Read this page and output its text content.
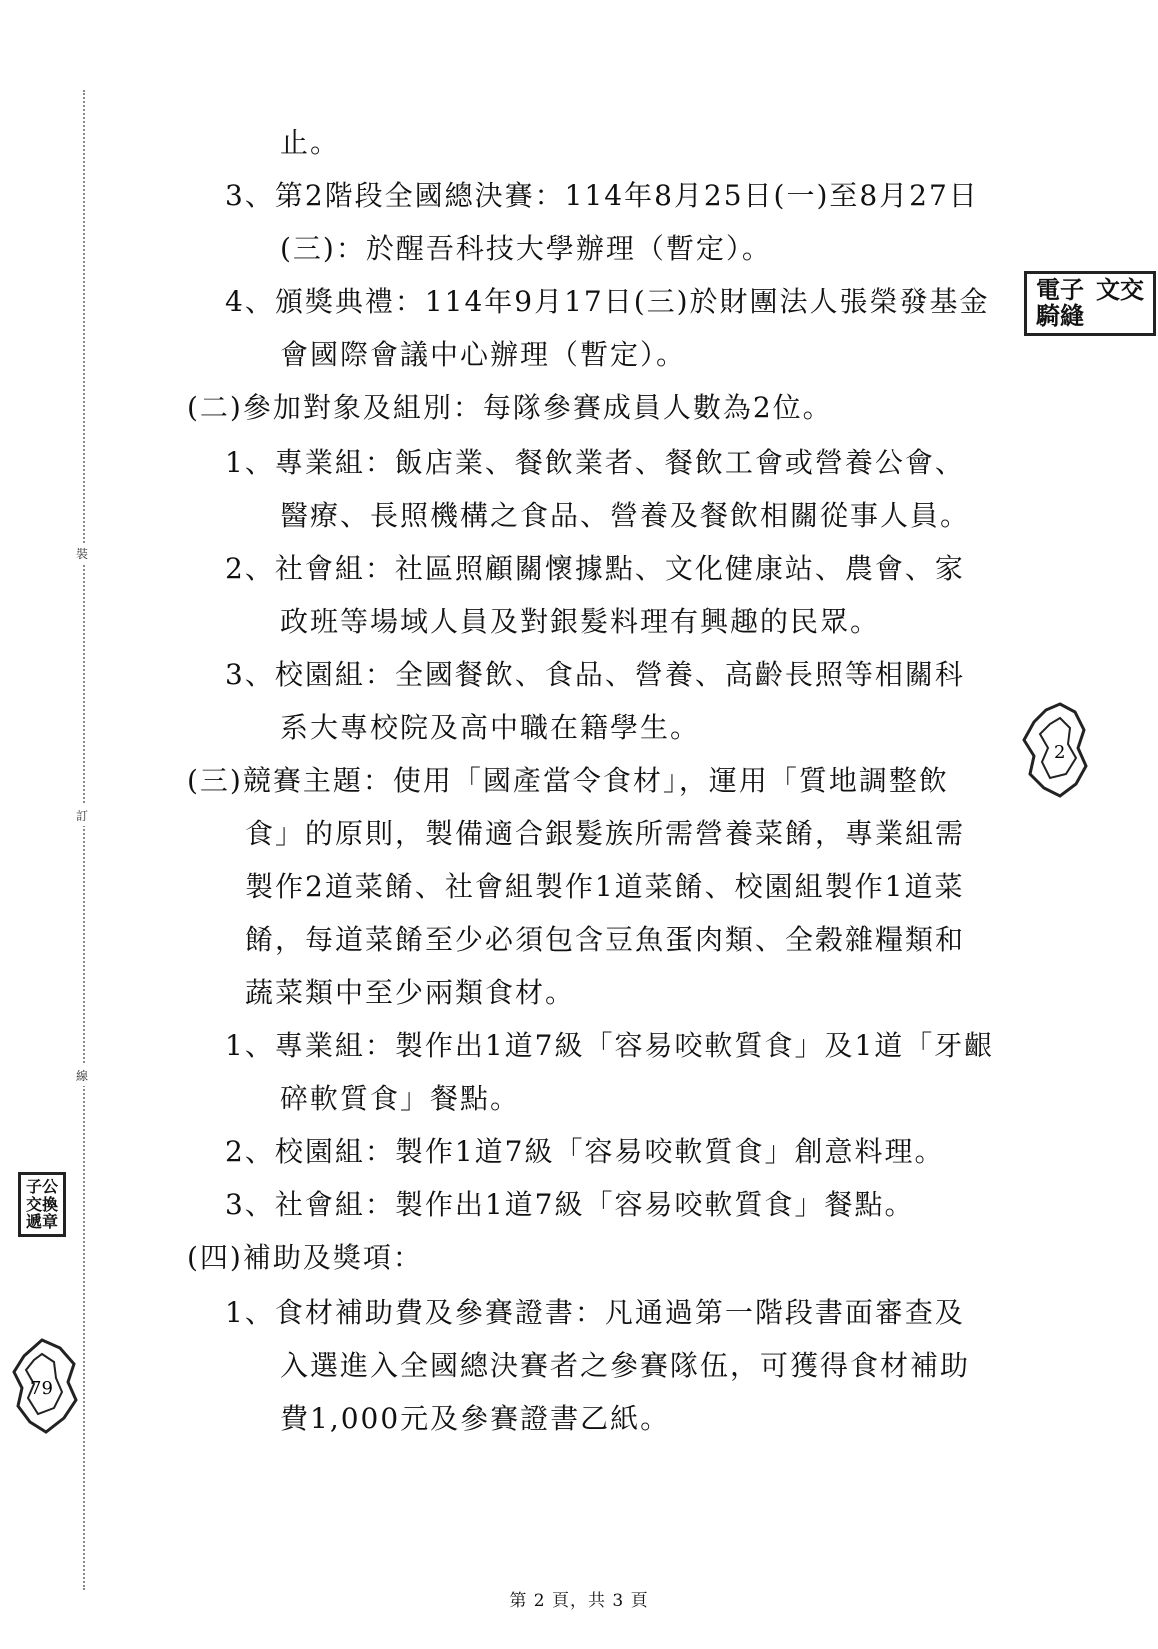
裝
訂
線
止。
3、第2階段全國總決賽：114年8月25日(一)至8月27日
(三)：於醒吾科技大學辦理（暫定）。
4、頒獎典禮：114年9月17日(三)於財團法人張榮發基金
會國際會議中心辦理（暫定）。
(二)參加對象及組別：每隊參賽成員人數為2位。
1、專業組：飯店業、餐飲業者、餐飲工會或營養公會、
醫療、長照機構之食品、營養及餐飲相關從事人員。
2、社會組：社區照顧關懷據點、文化健康站、農會、家
政班等場域人員及對銀髮料理有興趣的民眾。
3、校園組：全國餐飲、食品、營養、高齡長照等相關科
系大專校院及高中職在籍學生。
(三)競賽主題：使用「國產當令食材」，運用「質地調整飲
食」的原則，製備適合銀髮族所需營養菜餚，專業組需
製作2道菜餚、社會組製作1道菜餚、校園組製作1道菜
餚，每道菜餚至少必須包含豆魚蛋肉類、全穀雜糧類和
蔬菜類中至少兩類食材。
1、專業組：製作出1道7級「容易咬軟質食」及1道「牙齦
碎軟質食」餐點。
2、校園組：製作1道7級「容易咬軟質食」創意料理。
3、社會組：製作出1道7級「容易咬軟質食」餐點。
(四)補助及獎項：
1、食材補助費及參賽證書：凡通過第一階段書面審查及
入選進入全國總決賽者之參賽隊伍，可獲得食材補助
費1,000元及參賽證書乙紙。
電子 文交
騎縫
2
子公
交換
遞章
79
第 2 頁，共 3 頁
